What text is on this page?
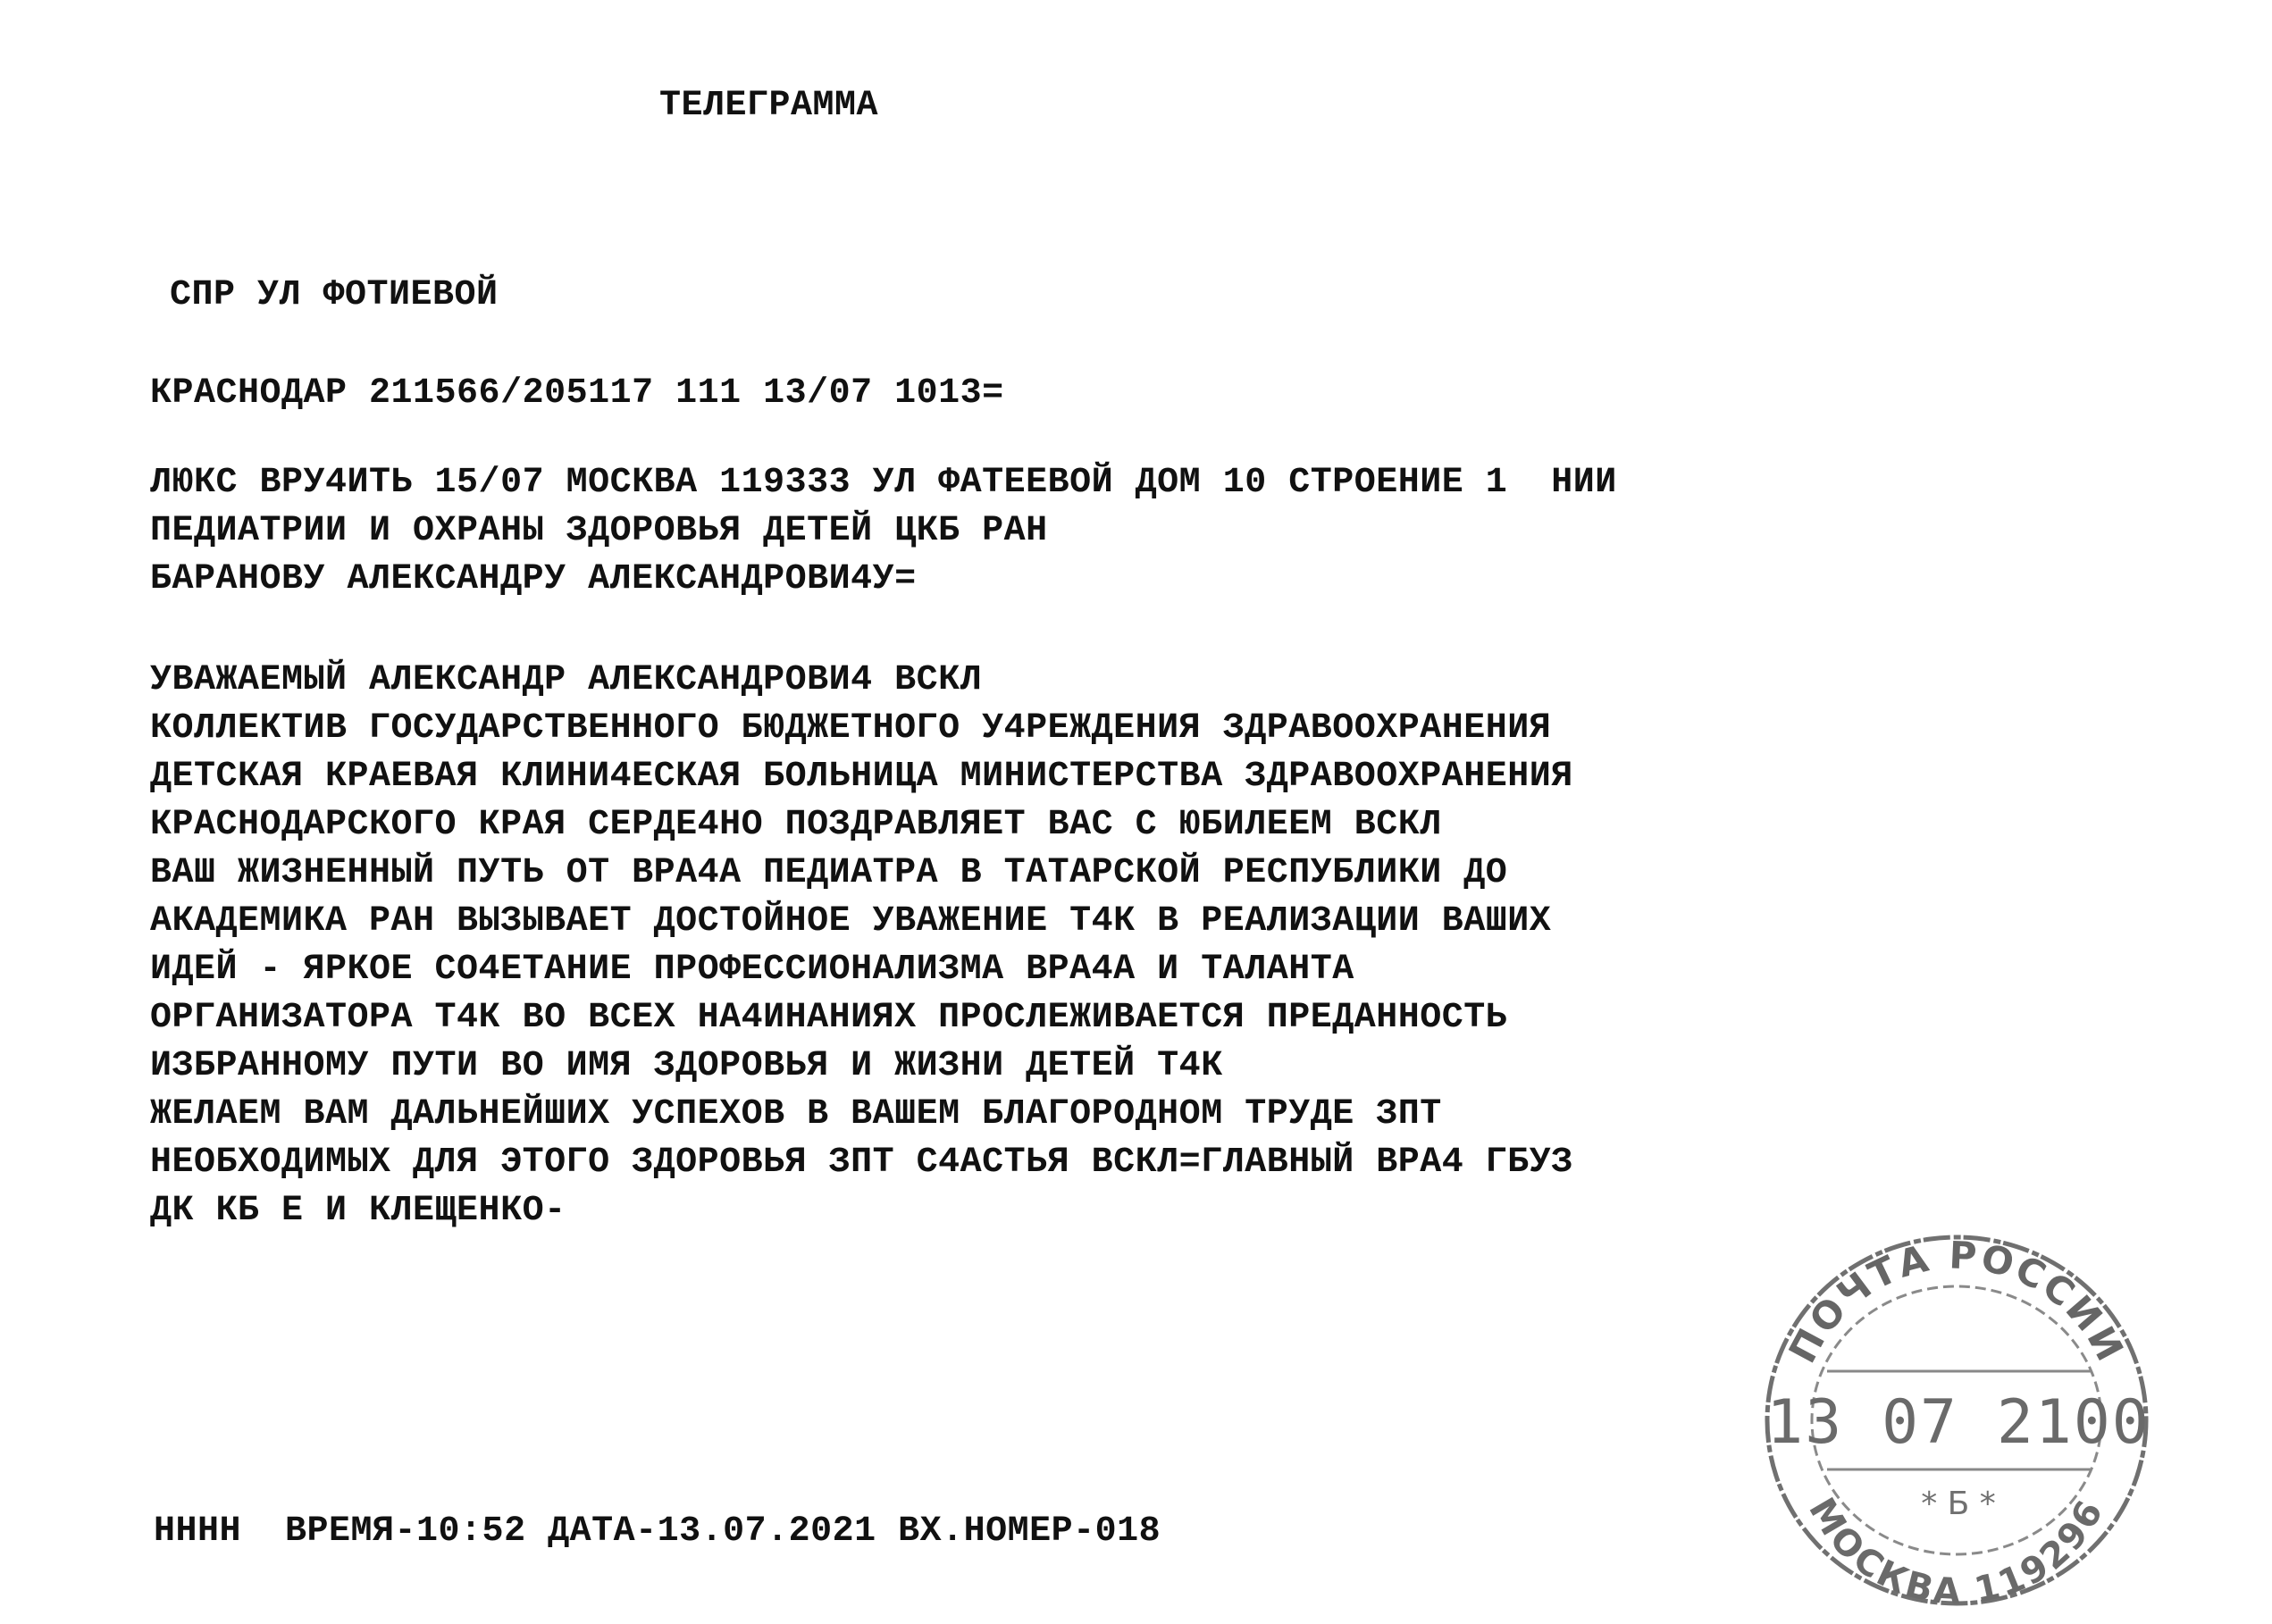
ТЕЛЕГРАММА
СПР УЛ ФОТИЕВОЙ
КРАСНОДАР 211566/205117 111 13/07 1013=
ЛЮКС ВРУ4ИТЬ 15/07 МОСКВА 119333 УЛ ФАТЕЕВОЙ ДОМ 10 СТРОЕНИЕ 1  НИИ
ПЕДИАТРИИ И ОХРАНЫ ЗДОРОВЬЯ ДЕТЕЙ ЦКБ РАН
БАРАНОВУ АЛЕКСАНДРУ АЛЕКСАНДРОВИ4У=
УВАЖАЕМЫЙ АЛЕКСАНДР АЛЕКСАНДРОВИ4 ВСКЛ
КОЛЛЕКТИВ ГОСУДАРСТВЕННОГО БЮДЖЕТНОГО У4РЕЖДЕНИЯ ЗДРАВООХРАНЕНИЯ
ДЕТСКАЯ КРАЕВАЯ КЛИНИ4ЕСКАЯ БОЛЬНИЦА МИНИСТЕРСТВА ЗДРАВООХРАНЕНИЯ
КРАСНОДАРСКОГО КРАЯ СЕРДЕ4НО ПОЗДРАВЛЯЕТ ВАС С ЮБИЛЕЕМ ВСКЛ
ВАШ ЖИЗНЕННЫЙ ПУТЬ ОТ ВРА4А ПЕДИАТРА В ТАТАРСКОЙ РЕСПУБЛИКИ ДО
АКАДЕМИКА РАН ВЫЗЫВАЕТ ДОСТОЙНОЕ УВАЖЕНИЕ Т4К В РЕАЛИЗАЦИИ ВАШИХ
ИДЕЙ - ЯРКОЕ СО4ЕТАНИЕ ПРОФЕССИОНАЛИЗМА ВРА4А И ТАЛАНТА
ОРГАНИЗАТОРА Т4К ВО ВСЕХ НА4ИНАНИЯХ ПРОСЛЕЖИВАЕТСЯ ПРЕДАННОСТЬ
ИЗБРАННОМУ ПУТИ ВО ИМЯ ЗДОРОВЬЯ И ЖИЗНИ ДЕТЕЙ Т4К
ЖЕЛАЕМ ВАМ ДАЛЬНЕЙШИХ УСПЕХОВ В ВАШЕМ БЛАГОРОДНОМ ТРУДЕ ЗПТ
НЕОБХОДИМЫХ ДЛЯ ЭТОГО ЗДОРОВЬЯ ЗПТ С4АСТЬЯ ВСКЛ=ГЛАВНЫЙ ВРА4 ГБУЗ
ДК КБ Е И КЛЕЩЕНКО-
НННН  ВРЕМЯ-10:52 ДАТА-13.07.2021 ВХ.НОМЕР-018
ПОЧТА РОССИИ
13 07 2100
* Б *
МОСКВА 119296
